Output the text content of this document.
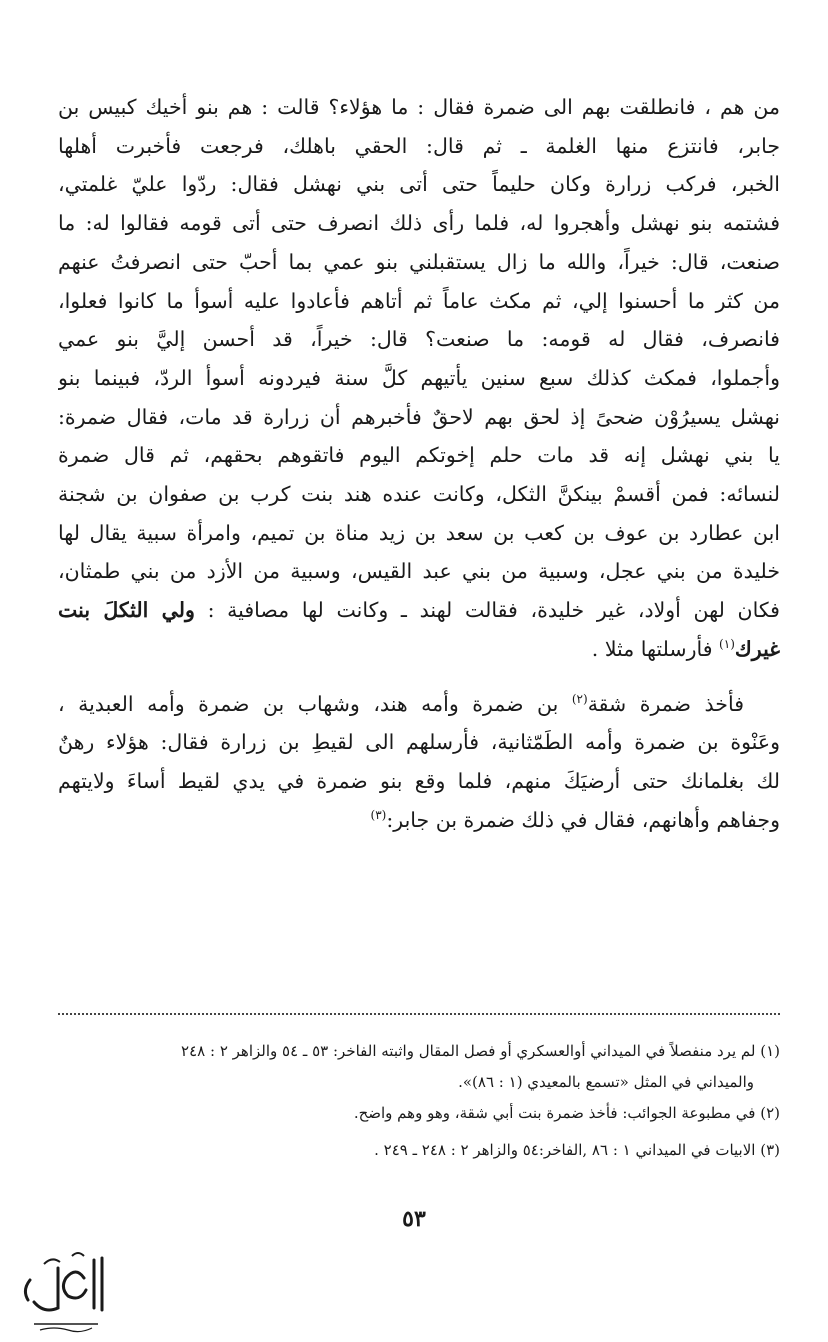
من هم ، فانطلقت بهم الى ضمرة فقال : ما هؤلاء؟ قالت : هم بنو أخيك كبيس بن
جابر، فانتزع منها الغلمة ـ ثم قال: الحقي باهلك، فرجعت فأخبرت أهلها
الخبر، فركب زرارة وكان حليماً حتى أتى بني نهشل فقال: ردّوا عليّ غلمتي،
فشتمه بنو نهشل وأهجروا له، فلما رأى ذلك انصرف حتى أتى قومه فقالوا له: ما
صنعت، قال: خيراً، والله ما زال يستقبلني بنو عمي بما أحبّ حتى انصرفتُ عنهم
من كثر ما أحسنوا إلي، ثم مكث عاماً ثم أتاهم فأعادوا عليه أسوأ ما كانوا فعلوا،
فانصرف، فقال له قومه: ما صنعت؟ قال: خيراً، قد أحسن إليَّ بنو عمي
وأجملوا، فمكث كذلك سبع سنين يأتيهم كلَّ سنة فيردونه أسوأ الردّ، فبينما بنو
نهشل يسيرُوْن ضحىً إذ لحق بهم لاحقٌ فأخبرهم أن زرارة قد مات، فقال ضمرة:
يا بني نهشل إنه قد مات حلم إخوتكم اليوم فاتقوهم بحقهم، ثم قال ضمرة
لنسائه: فمن أقسمْ بينكنَّ الثكل، وكانت عنده هند بنت كرب بن صفوان بن شجنة
ابن عطارد بن عوف بن كعب بن سعد بن زيد مناة بن تميم، وامرأة سبية يقال لها
خليدة من بني عجل، وسبية من بني عبد القيس، وسبية من الأزد من بني طمثان،
فكان لهن أولاد، غير خليدة، فقالت لهند ـ وكانت لها مصافية : ولي الثكلَ بنت
غيرك$^{(١)}$ فأرسلتها مثلا .
فأخذ ضمرة شقة$^{(٢)}$ بن ضمرة وأمه هند، وشهاب بن ضمرة وأمه العبدية ،
وعَنْوة بن ضمرة وأمه الطَمّثانية، فأرسلهم الى لقيطِ بن زرارة فقال: هؤلاء رهنٌ
لك بغلمانك حتى أرضيَكَ منهم، فلما وقع بنو ضمرة في يدي لقيط أساءَ ولايتهم
وجفاهم وأهانهم، فقال في ذلك ضمرة بن جابر:$^{(٣)}$
(١) لم يرد منفصلاً في الميداني أوالعسكري أو فصل المقال واثبته الفاخر: ٥٣ ـ ٥٤ والزاهر ٢ : ٢٤٨
والميداني في المثل «تسمع بالمعيدي (١ : ٨٦)».
(٢) في مطبوعة الجوائب: فأخذ ضمرة بنت أبي شقة، وهو وهم واضح.
(٣) الابيات في الميداني ١ : ٨٦ ,الفاخر:٥٤ والزاهر ٢ : ٢٤٨ ـ ٢٤٩ .
٥٣
